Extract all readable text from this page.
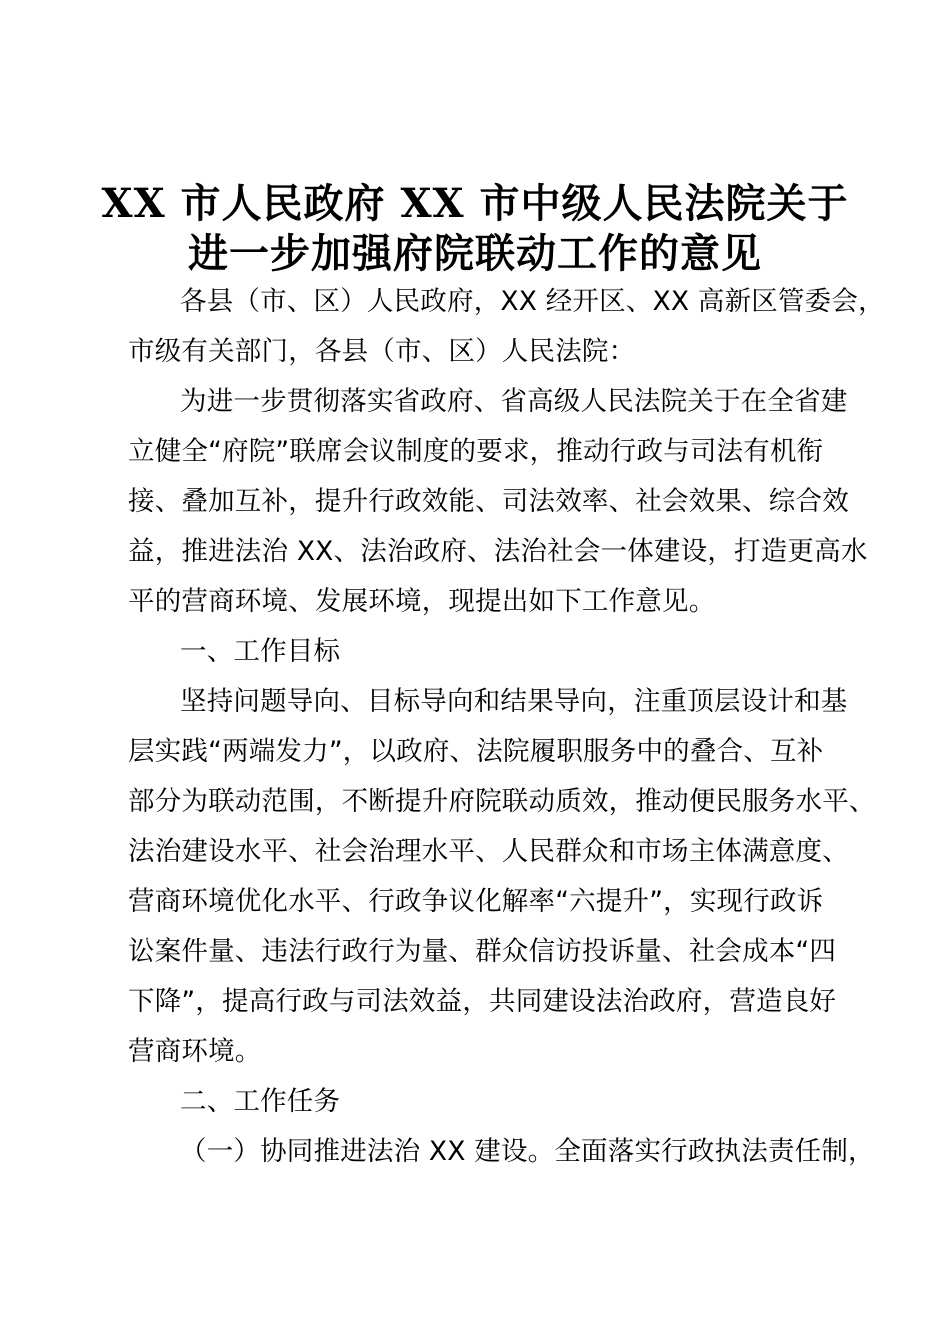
XX 市人民政府 XX 市中级人民法院关于
进一步加强府院联动工作的意见
各县（市、区）人民政府，XX 经开区、XX 高新区管委会，
市级有关部门，各县（市、区）人民法院：
为进一步贯彻落实省政府、省高级人民法院关于在全省建
立健全“府院”联席会议制度的要求，推动行政与司法有机衔
接、叠加互补，提升行政效能、司法效率、社会效果、综合效
益，推进法治 XX、法治政府、法治社会一体建设，打造更高水
平的营商环境、发展环境，现提出如下工作意见。
一、工作目标
坚持问题导向、目标导向和结果导向，注重顶层设计和基
层实践“两端发力”，以政府、法院履职服务中的叠合、互补
部分为联动范围，不断提升府院联动质效，推动便民服务水平、
法治建设水平、社会治理水平、人民群众和市场主体满意度、
营商环境优化水平、行政争议化解率“六提升”，实现行政诉
讼案件量、违法行政行为量、群众信访投诉量、社会成本“四
下降”，提高行政与司法效益，共同建设法治政府，营造良好
营商环境。
二、工作任务
（一）协同推进法治 XX 建设。全面落实行政执法责任制，
